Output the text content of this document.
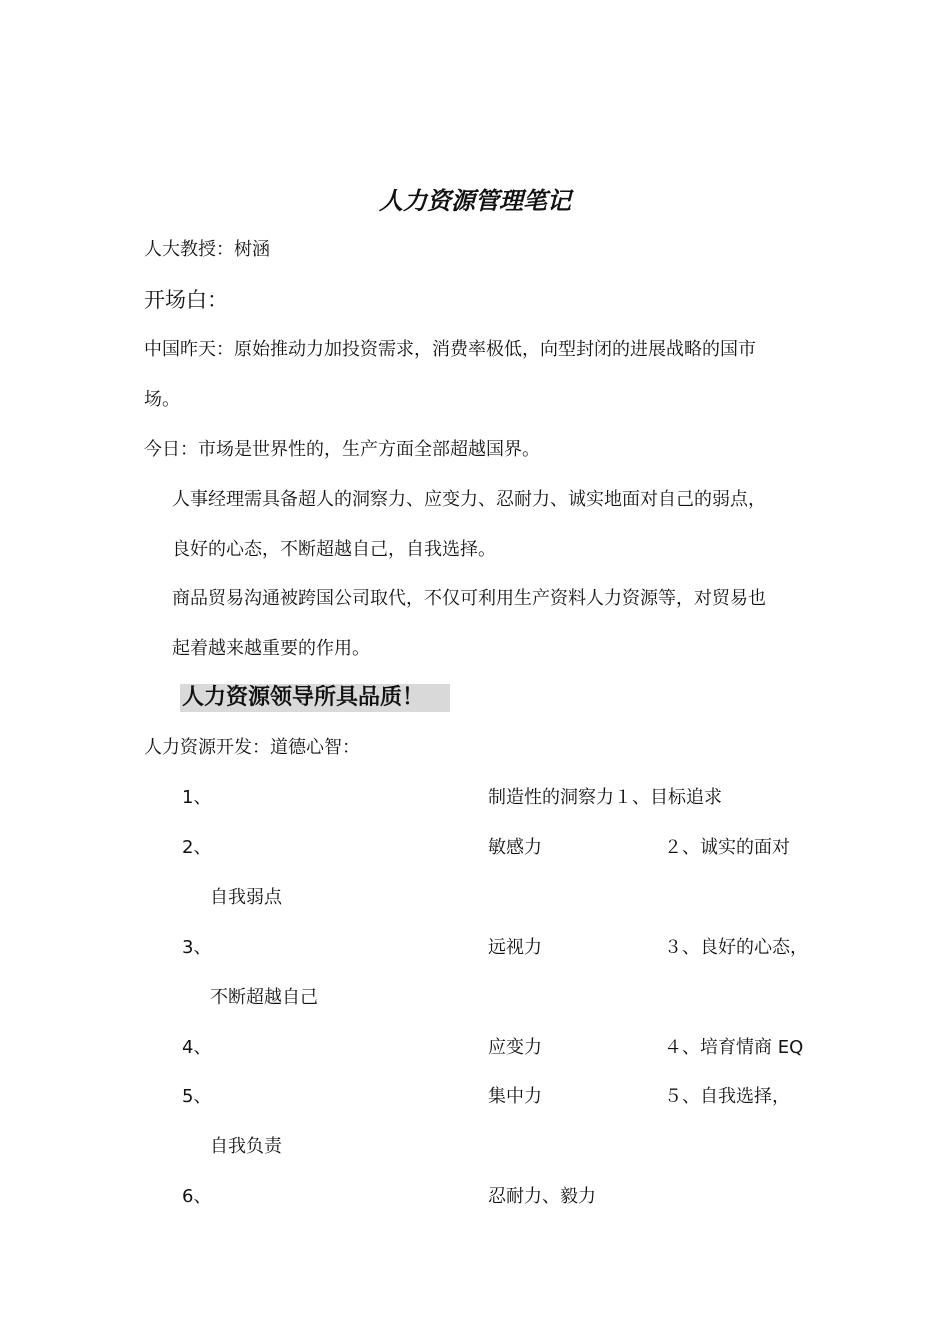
人力资源管理笔记
人大教授：树涵
开场白：
中国昨天：原始推动力加投资需求，消费率极低，向型封闭的进展战略的国市
场。
今日：市场是世界性的，生产方面全部超越国界。
人事经理需具备超人的洞察力、应变力、忍耐力、诚实地面对自己的弱点，
良好的心态，不断超越自己，自我选择。
商品贸易沟通被跨国公司取代，不仅可利用生产资料人力资源等，对贸易也
起着越来越重要的作用。
人力资源领导所具品质！
人力资源开发：道德心智：
1、	制造性的洞察力１、目标追求
2、	敏感力	２、诚实的面对
自我弱点
3、	远视力	３、良好的心态，
不断超越自己
4、	应变力	４、培育情商 EQ
5、	集中力	５、自我选择，
自我负责
6、	忍耐力、毅力
